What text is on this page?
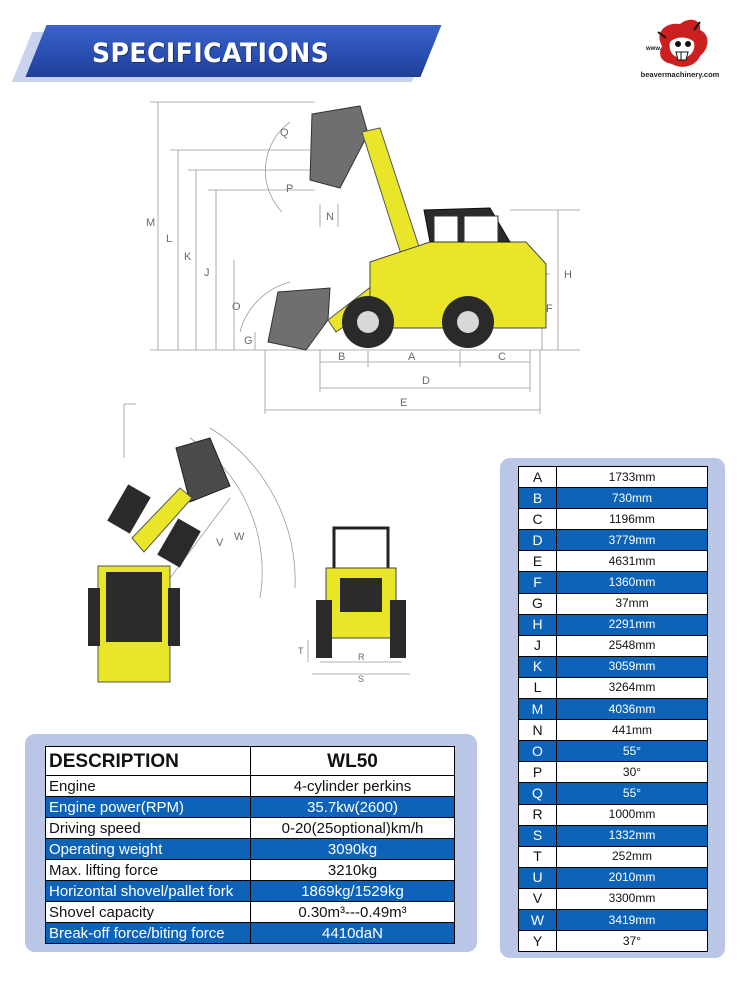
SPECIFICATIONS	www.
beavermachinery.com
M
L
K
J
Q
P
N
O
G
B	A	C
D
E
F
H
V W
R
S
T
A	1733mm
B	730mm
C	1196mm
D	3779mm
E	4631mm
F	1360mm
G	37mm
H	2291mm
J	2548mm
K	3059mm
L	3264mm
M	4036mm
N	441mm
O	55°
P	30°
Q	55°
R	1000mm
S	1332mm
T	252mm
U	2010mm
V	3300mm
W	3419mm
Y	37°
DESCRIPTION	WL50
Engine	4-cylinder perkins
Engine power(RPM)	35.7kw(2600)
Driving speed	0-20(25optional)km/h
Operating weight	3090kg
Max. lifting force	3210kg
Horizontal shovel/pallet fork	1869kg/1529kg
Shovel capacity	0.30m³---0.49m³
Break-off force/biting force	4410daN
